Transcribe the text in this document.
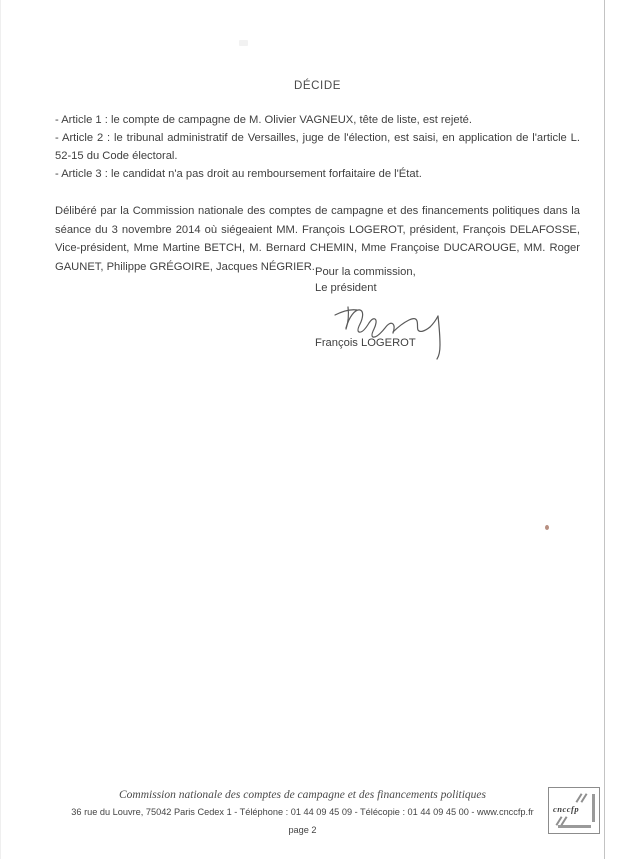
DÉCIDE

- Article 1 : le compte de campagne de M. Olivier VAGNEUX, tête de liste, est rejeté.

- Article 2 : le tribunal administratif de Versailles, juge de l'élection, est saisi, en application de l'article L. 52-15 du Code électoral.

- Article 3 : le candidat n'a pas droit au remboursement forfaitaire de l'État.

Délibéré par la Commission nationale des comptes de campagne et des financements politiques dans la séance du 3 novembre 2014 où siégeaient MM. François LOGEROT, président, François DELAFOSSE, Vice-président, Mme Martine BETCH, M. Bernard CHEMIN, Mme Françoise DUCAROUGE, MM. Roger GAUNET, Philippe GRÉGOIRE, Jacques NÉGRIER. Pour la commission,
Le président
François LOGEROT
Commission nationale des comptes de campagne et des financements politiques
36 rue du Louvre, 75042 Paris Cedex 1 - Téléphone : 01 44 09 45 09 - Télécopie : 01 44 09 45 00 - www.cnccfp.fr
page 2
cnccfp
